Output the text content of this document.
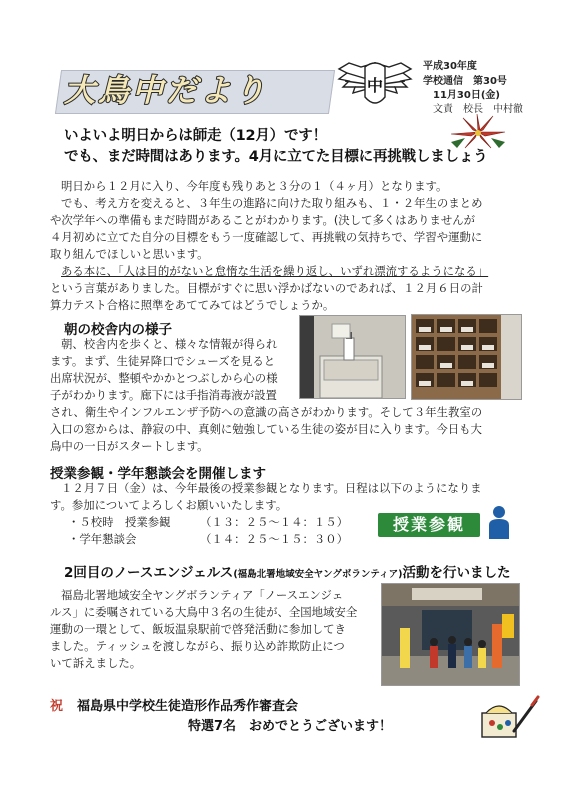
大鳥中だより	中
平成30年度
学校通信　第30号
11月30日(金)
文責　校長　中村徹
いよいよ明日からは師走（12月）です！
でも、まだ時間はあります。4月に立てた目標に再挑戦しましょう
明日から１２月に入り、今年度も残りあと３分の１（４ヶ月）となります。
でも、考え方を変えると、３年生の進路に向けた取り組みも、１・２年生のまとめ
や次学年への準備もまだ時間があることがわかります。(決して多くはありませんが
４月初めに立てた自分の目標をもう一度確認して、再挑戦の気持ちで、学習や運動に
取り組んでほしいと思います。
ある本に、「人は目的がないと怠惰な生活を繰り返し、いずれ漂流するようになる」
という言葉がありました。目標がすぐに思い浮かばないのであれば、１２月６日の計
算力テスト合格に照準をあててみてはどうでしょうか。
朝の校舎内の様子
朝、校舎内を歩くと、様々な情報が得られ
ます。まず、生徒昇降口でシューズを見ると
出席状況が、整頓やかかとつぶしから心の様
子がわかります。廊下には手指消毒液が設置
され、衛生やインフルエンザ予防への意識の高さがわかります。そして３年生教室の
入口の窓からは、静寂の中、真剣に勉強している生徒の姿が目に入ります。今日も大
鳥中の一日がスタートします。
授業参観・学年懇談会を開催します
１２月７日（金）は、今年最後の授業参観となります。日程は以下のようになりま
す。参加についてよろしくお願いいたします。
・５校時　授業参観	（１３：２５～１４：１５）
・学年懇談会	（１４：２５～１５：３０）
授業参観
2回目のノースエンジェルス(福島北署地域安全ヤングボランティア)活動を行いました
福島北署地域安全ヤングボランティア「ノースエンジェ
ルス」に委嘱されている大鳥中３名の生徒が、全国地域安全
運動の一環として、飯坂温泉駅前で啓発活動に参加してき
ました。ティッシュを渡しながら、振り込め詐欺防止につ
いて訴えました。
祝 福島県中学校生徒造形作品秀作審査会
特選7名　おめでとうございます！
